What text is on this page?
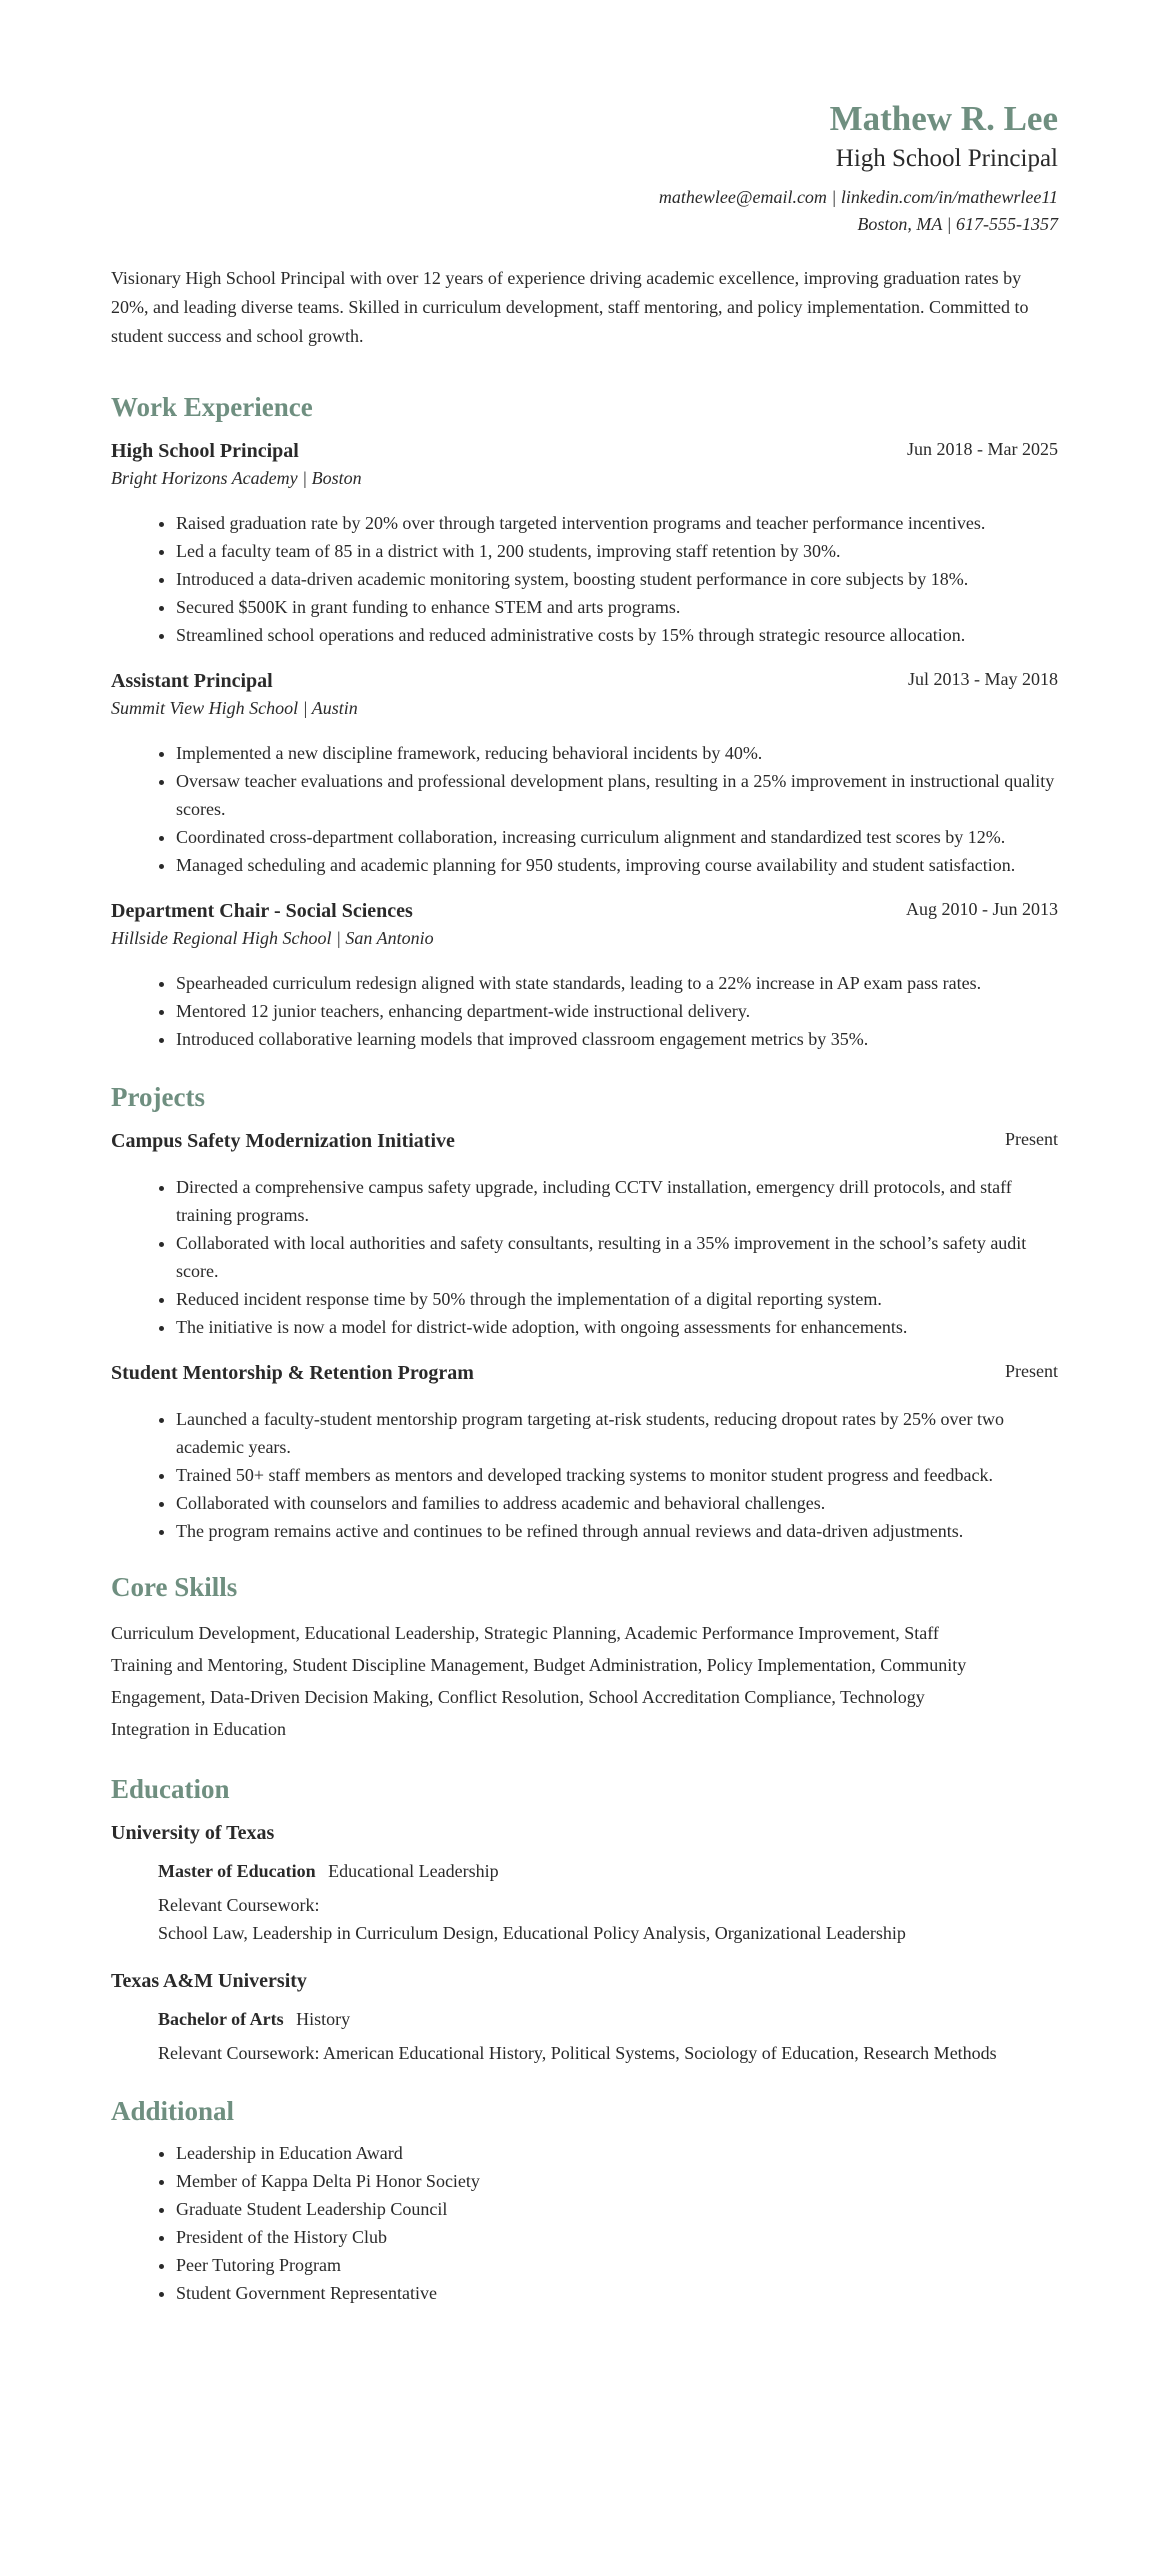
Mathew R. Lee
High School Principal
mathewlee@email.com | linkedin.com/in/mathewrlee11
Boston, MA | 617-555-1357
Visionary High School Principal with over 12 years of experience driving academic excellence, improving graduation rates by 20%, and leading diverse teams. Skilled in curriculum development, staff mentoring, and policy implementation. Committed to student success and school growth.
Work Experience
High School Principal	Jun 2018 - Mar 2025
Bright Horizons Academy | Boston
• Raised graduation rate by 20% over through targeted intervention programs and teacher performance incentives.
• Led a faculty team of 85 in a district with 1, 200 students, improving staff retention by 30%.
• Introduced a data-driven academic monitoring system, boosting student performance in core subjects by 18%.
• Secured $500K in grant funding to enhance STEM and arts programs.
• Streamlined school operations and reduced administrative costs by 15% through strategic resource allocation.
Assistant Principal	Jul 2013 - May 2018
Summit View High School | Austin
• Implemented a new discipline framework, reducing behavioral incidents by 40%.
• Oversaw teacher evaluations and professional development plans, resulting in a 25% improvement in instructional quality scores.
• Coordinated cross-department collaboration, increasing curriculum alignment and standardized test scores by 12%.
• Managed scheduling and academic planning for 950 students, improving course availability and student satisfaction.
Department Chair - Social Sciences	Aug 2010 - Jun 2013
Hillside Regional High School | San Antonio
• Spearheaded curriculum redesign aligned with state standards, leading to a 22% increase in AP exam pass rates.
• Mentored 12 junior teachers, enhancing department-wide instructional delivery.
• Introduced collaborative learning models that improved classroom engagement metrics by 35%.
Projects
Campus Safety Modernization Initiative	Present
• Directed a comprehensive campus safety upgrade, including CCTV installation, emergency drill protocols, and staff training programs.
• Collaborated with local authorities and safety consultants, resulting in a 35% improvement in the school’s safety audit score.
• Reduced incident response time by 50% through the implementation of a digital reporting system.
• The initiative is now a model for district-wide adoption, with ongoing assessments for enhancements.
Student Mentorship & Retention Program	Present
• Launched a faculty-student mentorship program targeting at-risk students, reducing dropout rates by 25% over two academic years.
• Trained 50+ staff members as mentors and developed tracking systems to monitor student progress and feedback.
• Collaborated with counselors and families to address academic and behavioral challenges.
• The program remains active and continues to be refined through annual reviews and data-driven adjustments.
Core Skills
Curriculum Development, Educational Leadership, Strategic Planning, Academic Performance Improvement, Staff Training and Mentoring, Student Discipline Management, Budget Administration, Policy Implementation, Community Engagement, Data-Driven Decision Making, Conflict Resolution, School Accreditation Compliance, Technology Integration in Education
Education
University of Texas
Master of Education Educational Leadership
Relevant Coursework:
School Law, Leadership in Curriculum Design, Educational Policy Analysis, Organizational Leadership
Texas A&M University
Bachelor of Arts History
Relevant Coursework: American Educational History, Political Systems, Sociology of Education, Research Methods
Additional
• Leadership in Education Award
• Member of Kappa Delta Pi Honor Society
• Graduate Student Leadership Council
• President of the History Club
• Peer Tutoring Program
• Student Government Representative
